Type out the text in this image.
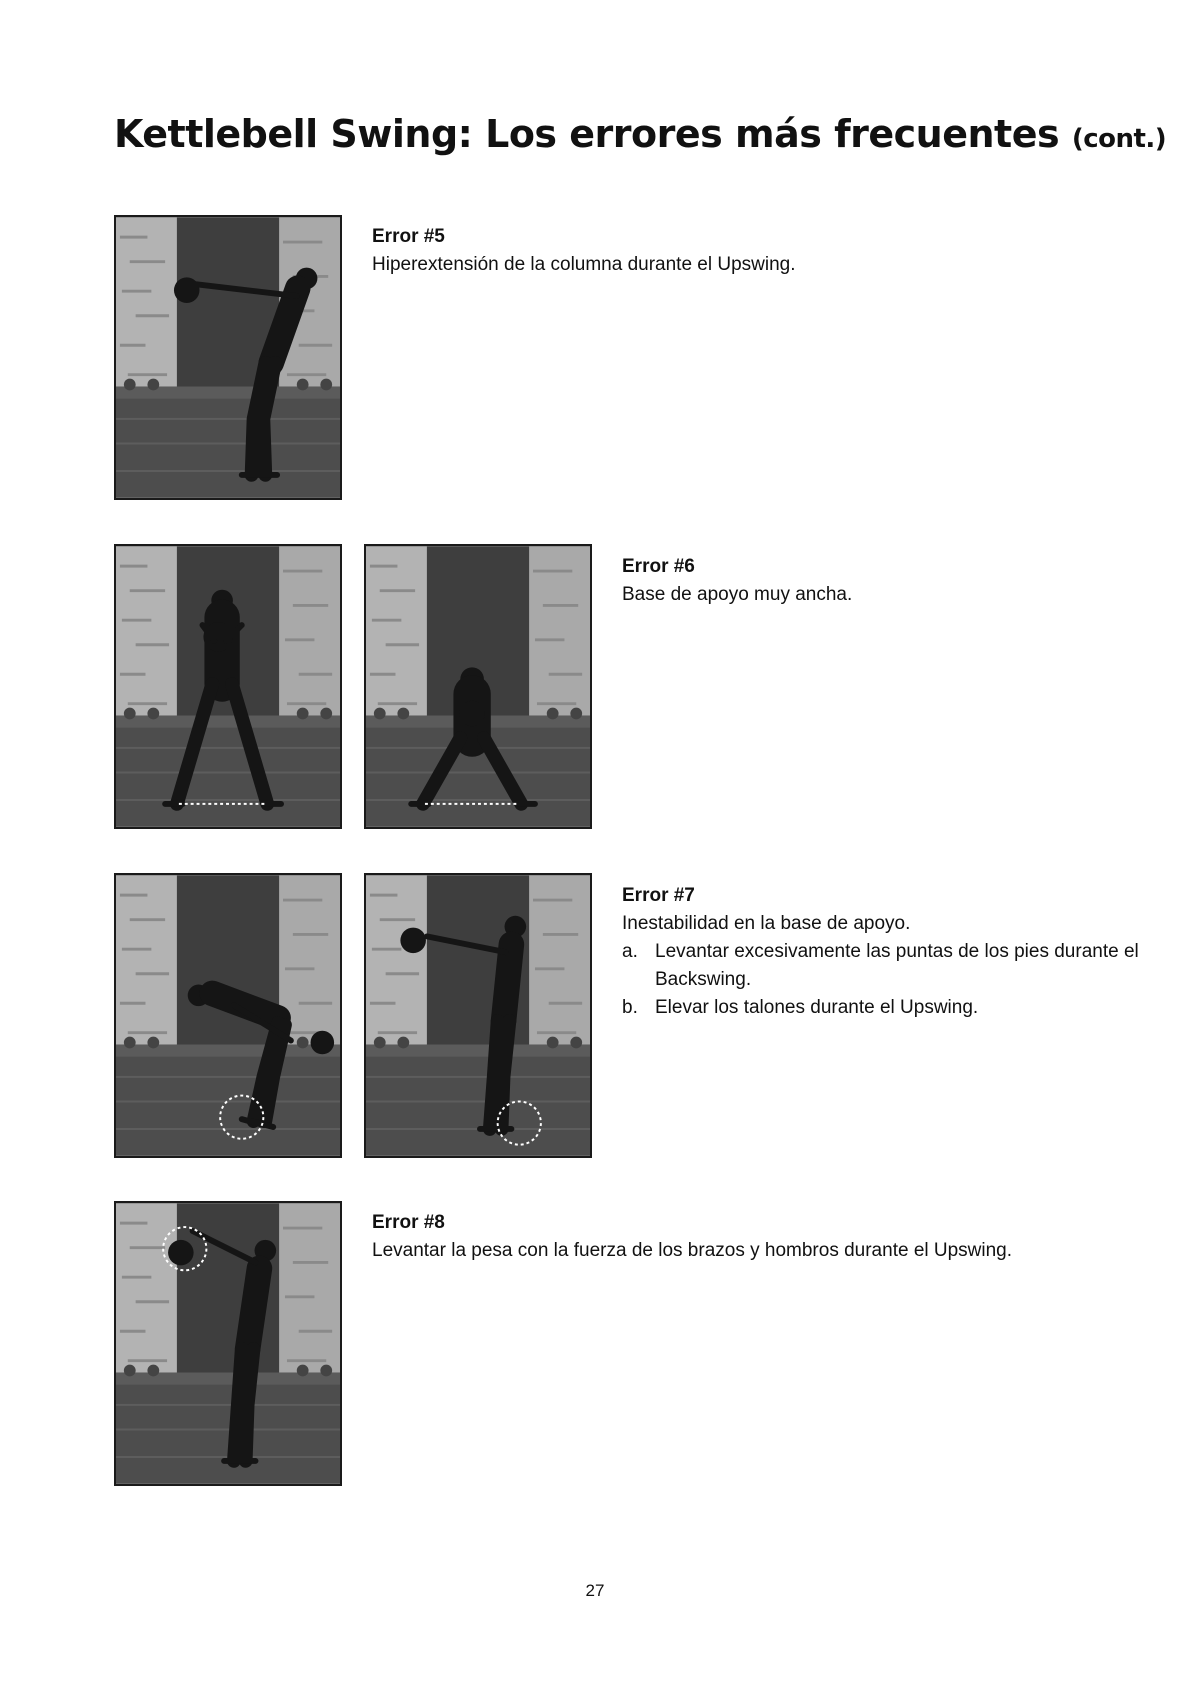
Kettlebell Swing: Los errores más frecuentes (cont.)
Error #5
Hiperextensión de la columna durante el Upswing.
Error #6
Base de apoyo muy ancha.
Error #7
Inestabilidad en la base de apoyo.
a. Levantar excesivamente las puntas de los pies durante el Backswing.
b. Elevar los talones durante el Upswing.
Error #8
Levantar la pesa con la fuerza de los brazos y hombros durante el Upswing.
27
